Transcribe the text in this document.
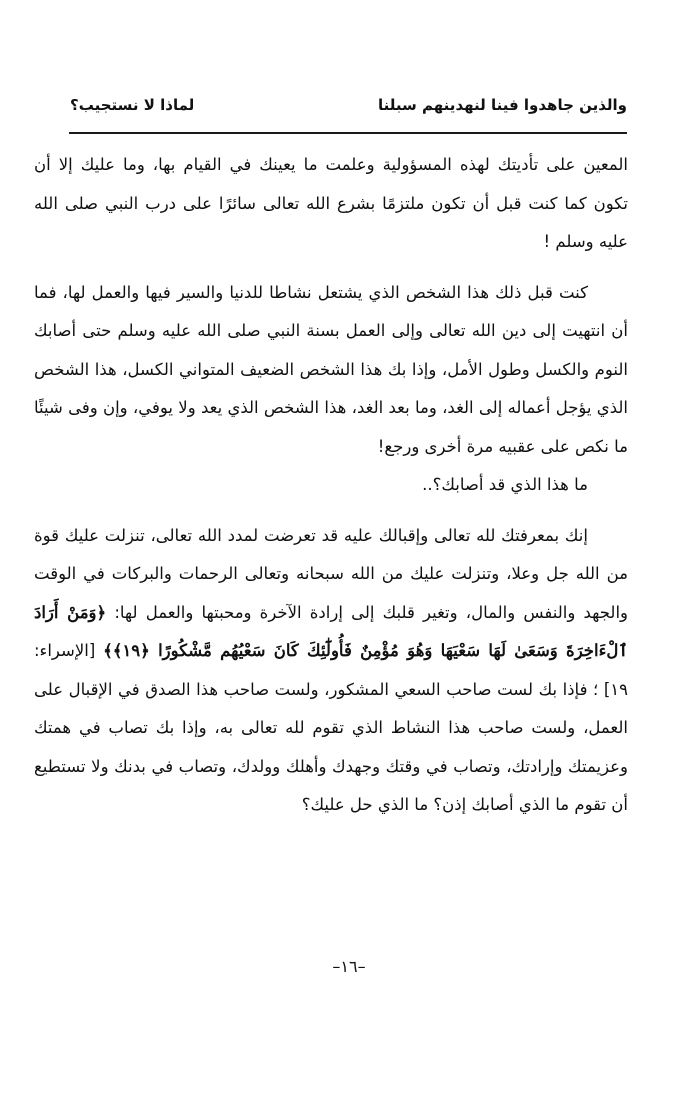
والذين جاهدوا فينا لنهدينهم سبلنا
لماذا لا نستجيب؟

المعين على تأديتك لهذه المسؤولية وعلمت ما يعينك في القيام بها، وما عليك إلا أن تكون كما كنت قبل أن تكون ملتزمًا بشرع الله تعالى سائرًا على درب النبي صلى الله عليه وسلم !

كنت قبل ذلك هذا الشخص الذي يشتعل نشاطا للدنيا والسير فيها والعمل لها، فما أن انتهيت إلى دين الله تعالى وإلى العمل بسنة النبي صلى الله عليه وسلم حتى أصابك النوم والكسل وطول الأمل، وإذا بك هذا الشخص الضعيف المتواني الكسل، هذا الشخص الذي يؤجل أعماله إلى الغد، وما بعد الغد، هذا الشخص الذي يعد ولا يوفي، وإن وفى شيئًا ما نكص على عقبيه مرة أخرى ورجع!

ما هذا الذي قد أصابك؟..

إنك بمعرفتك لله تعالى وإقبالك عليه قد تعرضت لمدد الله تعالى، تنزلت عليك قوة من الله جل وعلا، وتنزلت عليك من الله سبحانه وتعالى الرحمات والبركات في الوقت والجهد والنفس والمال، وتغير قلبك إلى إرادة الآخرة ومحبتها والعمل لها: ﴿وَمَنْ أَرَادَ ٱلْءَاخِرَةَ وَسَعَىٰ لَهَا سَعْيَهَا وَهُوَ مُؤْمِنٌ فَأُولَٰٓئِكَ كَانَ سَعْيُهُم مَّشْكُورًا ﴿١٩﴾﴾ [الإسراء: ١٩] ؛ فإذا بك لست صاحب السعي المشكور، ولست صاحب هذا الصدق في الإقبال على العمل، ولست صاحب هذا النشاط الذي تقوم لله تعالى به، وإذا بك تصاب في همتك وعزيمتك وإرادتك، وتصاب في وقتك وجهدك وأهلك وولدك، وتصاب في بدنك ولا تستطيع أن تقوم ما الذي أصابك إذن؟ ما الذي حل عليك؟

–١٦–
